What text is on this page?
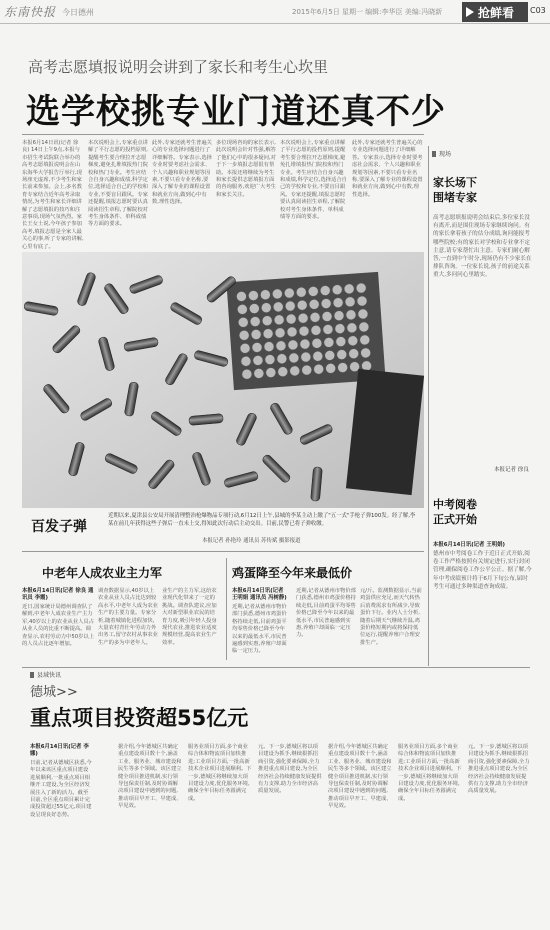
东南快报 今日德州	2015年6月5日 星期一 编辑:李华臣 美编:冯晓新	抢鲜看	C03
高考志愿填报说明会讲到了家长和考生心坎里
选学校挑专业门道还真不少
本报6月14日讯(记者 徐良) 14日上午9点,本报与市招生考试院联合举办的高考志愿填报说明会在山东海华大学报告厅举行,现场座无虚席,不少考生和家长前来参加。会上,多名教育专家结合近年高考录取情况,为考生和家长详细讲解了志愿填报的技巧和注意事项,现场气氛热烈。家长王女士说,今年孩子参加高考,填报志愿是全家人最关心的事,听了专家的讲解,心里有底了。
本次说明会上,专家重点讲解了平行志愿的投档原则,提醒考生要合理拉开志愿梯度,避免扎堆填报热门院校和热门专业。考生应结合自身兴趣和成绩,科学定位,选择适合自己的学校和专业,不要盲目跟风。专家还提醒,填报志愿时要认真阅读招生章程,了解院校对考生身体条件、单科成绩等方面的要求。
此外,专家还就考生普遍关心的专业选择问题进行了详细解答。专家表示,选择专业时要考虑社会需求、个人兴趣和职业规划等因素,不要只看专业名称,要深入了解专业的课程设置和就业方向,做到心中有数,理性选择。
多位现场咨询的家长表示,此次说明会针对性强,解答了他们心中的很多疑问,对于下一步填报志愿很有帮助。本报还将继续为考生和家长提供志愿填报方面的咨询服务,欢迎广大考生和家长关注。
本次说明会上,专家重点讲解了平行志愿的投档原则,提醒考生要合理拉开志愿梯度,避免扎堆填报热门院校和热门专业。考生应结合自身兴趣和成绩,科学定位,选择适合自己的学校和专业,不要盲目跟风。专家还提醒,填报志愿时要认真阅读招生章程,了解院校对考生身体条件、单科成绩等方面的要求。
此外,专家还就考生普遍关心的专业选择问题进行了详细解答。专家表示,选择专业时要考虑社会需求、个人兴趣和职业规划等因素,不要只看专业名称,要深入了解专业的课程设置和就业方向,做到心中有数,理性选择。
百发子弹
近期以来,夏津县公安局开展清理整治枪爆物品专项行动,6月12日上午,县城的李某主动上缴了"五一式"手枪子弹100发。经了解,李某在前几年获得这些子弹后一直未上交,得知此次行动后主动交出。目前,民警已将子弹收缴。
本报记者 孙艳玲 通讯员 苏传斌 摄影报道
中老年人成农业主力军
本报6月14日讯(记者 徐良 通讯员 李霞)
近日,国家统计局德州调查队了解到,中老年人成农业生产主力军,40岁以上的农业从业人员占从业人员的比重不断提高。调查显示,农村劳动力中50岁以上的人员占比逐年增加。
调查数据显示,40岁以上农业从业人员占比达到较高水平,中老年人成为农业生产的主要力量。专家分析,随着城镇化进程加快,大量农村青壮年劳动力外出务工,留守农村从事农业生产的多为中老年人。
业生产的主力军,这给农业现代化带来了一定的挑战。调查队建议,应加大对新型职业农民的培育力度,吸引年轻人投身现代农业,推进农业适度规模经营,提高农业生产效率。
鸡蛋降至今年来最低价
本报6月14日讯(记者 王明娟 通讯员 冯树静)
近期,记者从德州市物价部门获悉,德州市鸡蛋价格持续走低,目前鸡蛋平均零售价格已降至今年以来的最低水平,市民普遍感到实惠,养殖户却面临一定压力。
近期,记者从德州市物价部门获悉,德州市鸡蛋价格持续走低,目前鸡蛋平均零售价格已降至今年以来的最低水平,市民普遍感到实惠,养殖户却面临一定压力。
元/斤。监测数据显示,当前鸡蛋供应充足,而天气转热后消费需求有所减少,导致蛋价下行。业内人士分析,随着后期天气继续升温,鸡蛋价格短期内或将保持低位运行,提醒养殖户合理安排生产。
现场
家长场下
围堵专家
高考志愿填报说明会结束后,多位家长没有离开,而是围住现场专家继续询问。有的家长拿着孩子的估分成绩,询问能报考哪些院校;有的家长对学校和专业拿不定主意,请专家帮忙出主意。专家们耐心解答,一直到中午时分,现场仍有不少家长在排队咨询。一位家长说,孩子的前途关系重大,多问问心里踏实。
本报记者 徐良
中考阅卷
正式开始
本报6月14日讯(记者 王明娟)
德州市中考阅卷工作于近日正式开始,阅卷工作严格按照有关规定进行,实行封闭管理,确保阅卷工作公平公正。据了解,今年中考成绩预计将于6月下旬公布,届时考生可通过多种渠道查询成绩。
县域快讯
德城>>
重点项目投资超55亿元
本报6月14日讯(记者 李娜)
日前,记者从德城区获悉,今年以来该区重点项目建设进展顺利,一批重点项目相继开工建设,为全区经济发展注入了新的活力。截至目前,全区重点项目累计完成投资超过55亿元,项目建设呈现良好态势。
据介绍,今年德城区共确定重点建设项目数十个,涵盖工业、服务业、城市建设和民生等多个领域。该区建立健全项目推进机制,实行领导包保责任制,及时协调解决项目建设中遇到的问题,推动项目早开工、早建成、早见效。
服务业项目方面,多个商业综合体和物流项目加快推进;工业项目方面,一批高新技术企业项目进展顺利。下一步,德城区将继续加大项目建设力度,优化服务环境,确保全年目标任务圆满完成。
元。下一步,德城区将以项目建设为抓手,继续狠抓招商引资,强化要素保障,全力推进重点项目建设,为全区经济社会持续健康发展提供有力支撑,助力全市经济高质量发展。
据介绍,今年德城区共确定重点建设项目数十个,涵盖工业、服务业、城市建设和民生等多个领域。该区建立健全项目推进机制,实行领导包保责任制,及时协调解决项目建设中遇到的问题,推动项目早开工、早建成、早见效。
服务业项目方面,多个商业综合体和物流项目加快推进;工业项目方面,一批高新技术企业项目进展顺利。下一步,德城区将继续加大项目建设力度,优化服务环境,确保全年目标任务圆满完成。
元。下一步,德城区将以项目建设为抓手,继续狠抓招商引资,强化要素保障,全力推进重点项目建设,为全区经济社会持续健康发展提供有力支撑,助力全市经济高质量发展。
